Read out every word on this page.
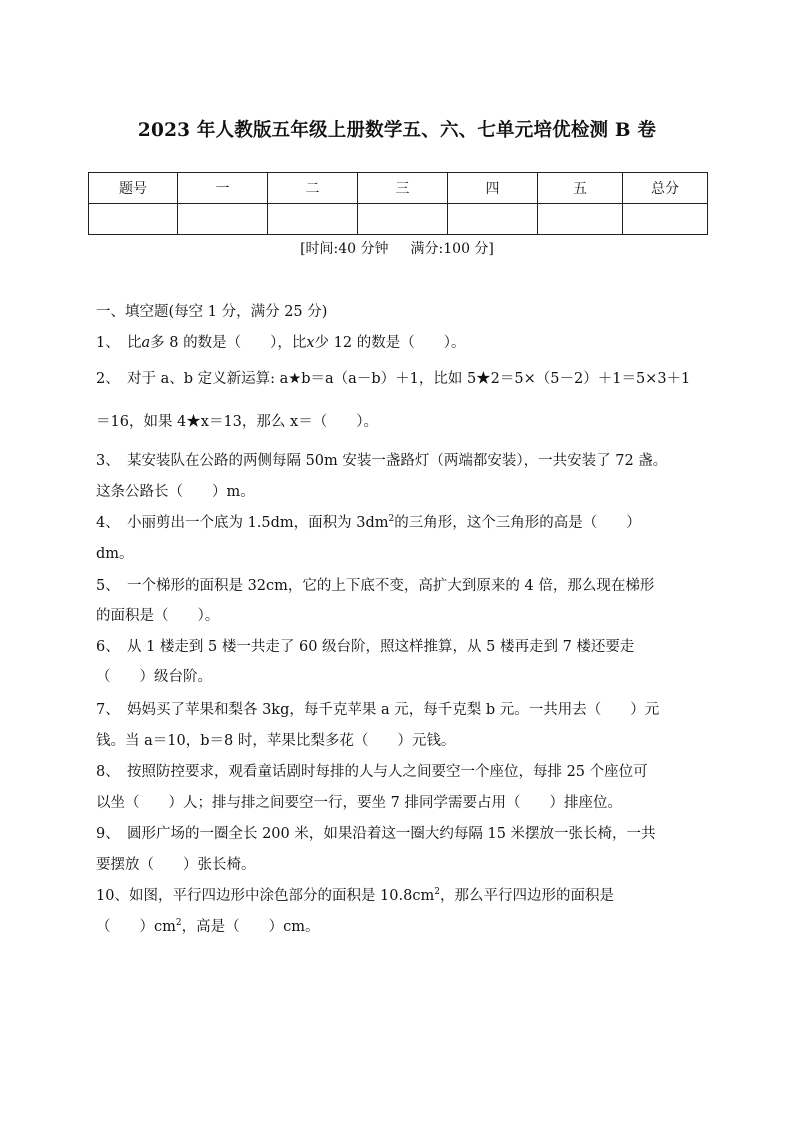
2023 年人教版五年级上册数学五、六、七单元培优检测 B 卷
题号	一	二	三	四	五	总分

[时间:40 分钟 满分:100 分]
一、填空题(每空 1 分，满分 25 分)
1、　比a多 8 的数是（　　），比x少 12 的数是（　　）。
2、　对于 a、b 定义新运算: a★b＝a（a－b）＋1，比如 5★2＝5×（5－2）＋1＝5×3＋1
＝16，如果 4★x＝13，那么 x＝（　　）。
3、　某安装队在公路的两侧每隔 50m 安装一盏路灯（两端都安装），一共安装了 72 盏。
这条公路长（　　）m。
4、　小丽剪出一个底为 1.5dm，面积为 $3dm^2$的三角形，这个三角形的高是（　　）
dm。
5、　一个梯形的面积是 32cm，它的上下底不变，高扩大到原来的 4 倍，那么现在梯形
的面积是（　　）。
6、　从 1 楼走到 5 楼一共走了 60 级台阶，照这样推算，从 5 楼再走到 7 楼还要走
（　　）级台阶。
7、　妈妈买了苹果和梨各 3kg，每千克苹果 a 元，每千克梨 b 元。一共用去（　　）元
钱。当 a＝10，b＝8 时，苹果比梨多花（　　）元钱。
8、　按照防控要求，观看童话剧时每排的人与人之间要空一个座位，每排 25 个座位可
以坐（　　）人；排与排之间要空一行，要坐 7 排同学需要占用（　　）排座位。
9、　圆形广场的一圈全长 200 米，如果沿着这一圈大约每隔 15 米摆放一张长椅，一共
要摆放（　　）张长椅。
10、如图，平行四边形中涂色部分的面积是 $10.8cm^2$，那么平行四边形的面积是
（　　）$cm^2$，高是（　　）cm。
